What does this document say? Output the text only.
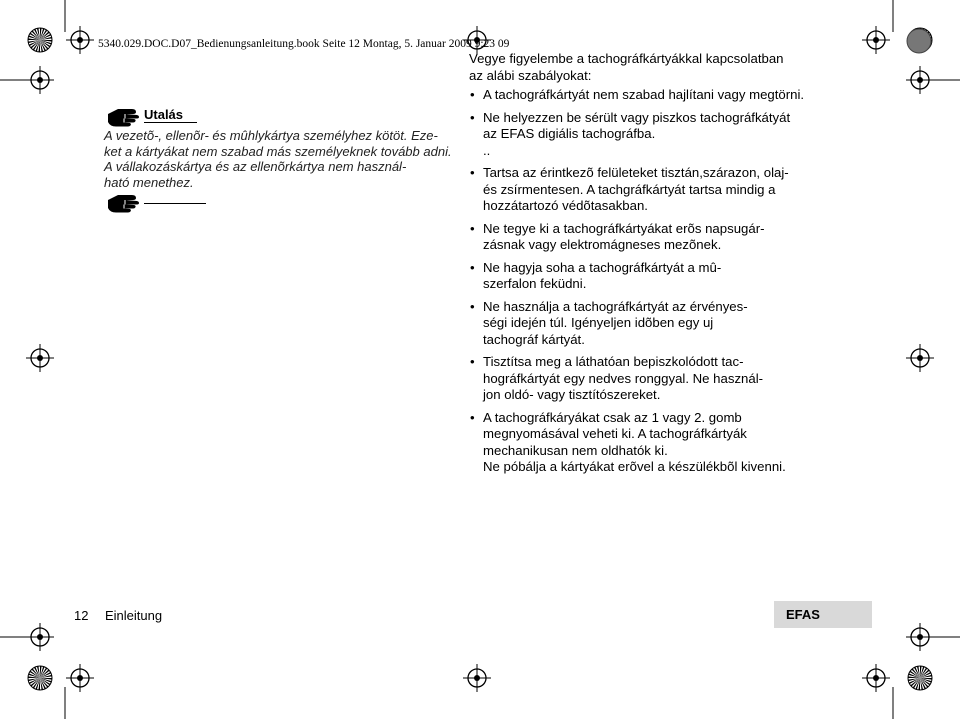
5340.029.DOC.D07_Bedienungsanleitung.book Seite 12 Montag, 5. Januar 2009 9:23 09
Utalás
A vezetõ-, ellenõr- és mûhlykártya személyhez kötöt. Eze-
ket a kártyákat nem szabad más személyeknek tovább adni.
A vállakozáskártya és az ellenõrkártya nem használ-
ható menethez.
Vegye figyelembe a tachográfkártyákkal kapcsolatban
az alábi szabályokat:
• A tachográfkártyát nem szabad hajlítani vagy megtörni.
• Ne helyezzen be sérült vagy piszkos tachográfkátyát
az EFAS digiális tachográfba.
..
• Tartsa az érintkezõ felületeket tisztán,szárazon, olaj-
és zsírmentesen. A tachgráfkártyát tartsa mindig a
hozzátartozó védõtasakban.
• Ne tegye ki a tachográfkártyákat erõs napsugár-
zásnak vagy elektromágneses mezõnek.
• Ne hagyja soha a tachográfkártyát a mû-
szerfalon feküdni.
• Ne használja a tachográfkártyát az érvényes-
ségi idején túl. Igényeljen idõben egy uj
tachográf kártyát.
• Tisztítsa meg a láthatóan bepiszkolódott tac-
hográfkártyát egy nedves ronggyal. Ne használ-
jon oldó- vagy tisztítószereket.
• A tachográfkáryákat csak az 1 vagy 2. gomb
megnyomásával veheti ki. A tachográfkártyák
mechanikusan nem oldhatók ki.
Ne póbálja a kártyákat erõvel a készülékbõl kivenni.
12 Einleitung	EFAS
